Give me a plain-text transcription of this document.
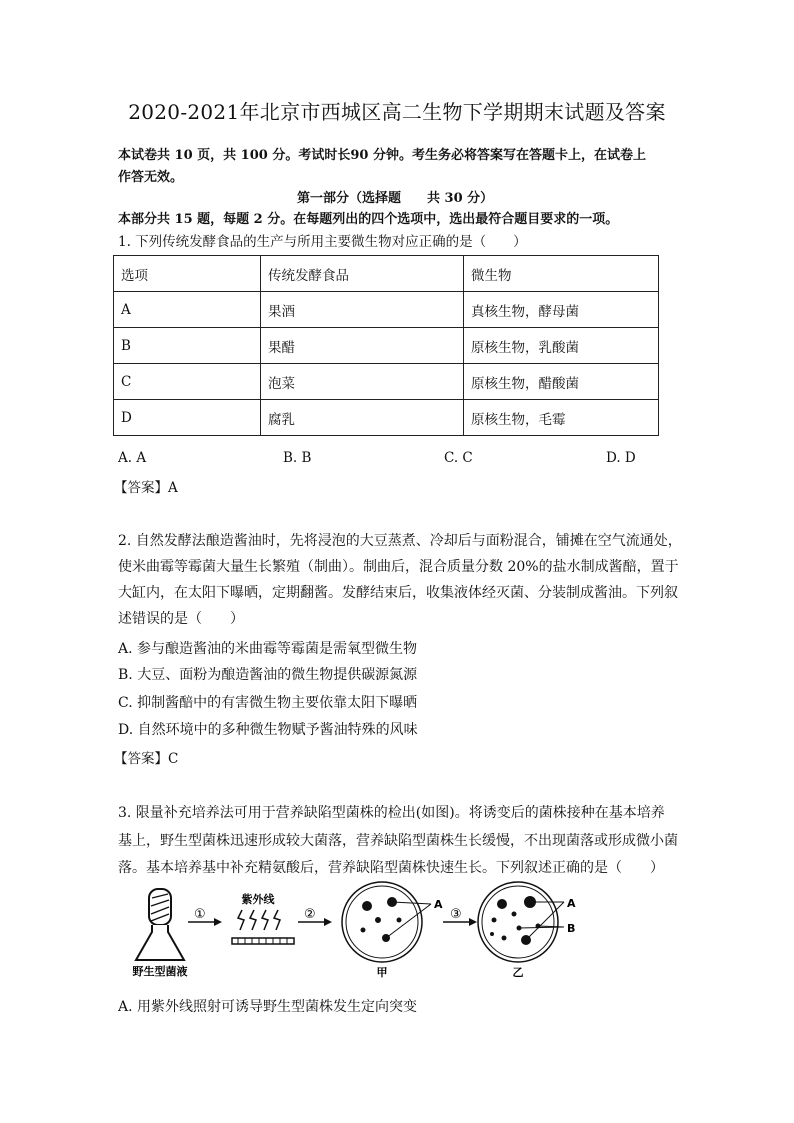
2020-2021年北京市西城区高二生物下学期期末试题及答案
本试卷共 10 页，共 100 分。考试时长90 分钟。考生务必将答案写在答题卡上，在试卷上
作答无效。
第一部分（选择题　　共 30 分）
本部分共 15 题，每题 2 分。在每题列出的四个选项中，选出最符合题目要求的一项。
1. 下列传统发酵食品的生产与所用主要微生物对应正确的是（　　）
选项	传统发酵食品	微生物
A	果酒	真核生物，酵母菌
B	果醋	原核生物，乳酸菌
C	泡菜	原核生物，醋酸菌
D	腐乳	原核生物，毛霉
A. A	B. B	C. C	D. D
【答案】A
2. 自然发酵法酿造酱油时，先将浸泡的大豆蒸煮、冷却后与面粉混合，铺摊在空气流通处，
使米曲霉等霉菌大量生长繁殖（制曲）。制曲后，混合质量分数 20%的盐水制成酱醅，置于
大缸内，在太阳下曝晒，定期翻酱。发酵结束后，收集液体经灭菌、分装制成酱油。下列叙
述错误的是（　　）
A. 参与酿造酱油的米曲霉等霉菌是需氧型微生物
B. 大豆、面粉为酿造酱油的微生物提供碳源氮源
C. 抑制酱醅中的有害微生物主要依靠太阳下曝晒
D. 自然环境中的多种微生物赋予酱油特殊的风味
【答案】C
3. 限量补充培养法可用于营养缺陷型菌株的检出(如图)。将诱变后的菌株接种在基本培养
基上，野生型菌株迅速形成较大菌落，营养缺陷型菌株生长缓慢，不出现菌落或形成微小菌
落。基本培养基中补充精氨酸后，营养缺陷型菌株快速生长。下列叙述正确的是（　　）
野生型菌液
①
紫外线
②
A
甲
③
A
B
乙
A. 用紫外线照射可诱导野生型菌株发生定向突变
